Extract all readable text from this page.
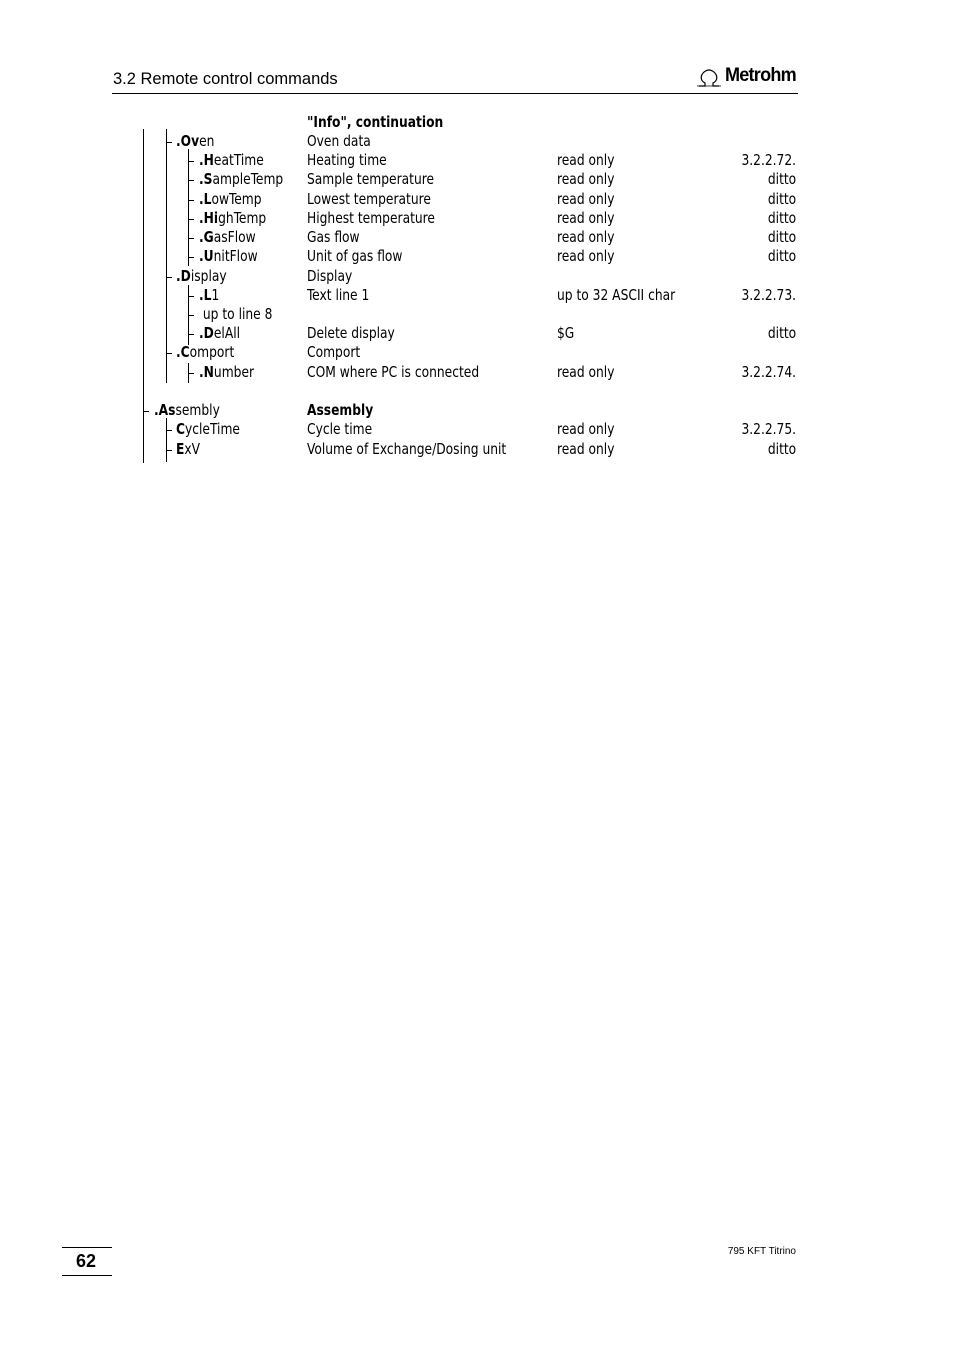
3.2 Remote control commands	Metrohm
"Info", continuation
.Oven	Oven data
.HeatTime	Heating time	read only	3.2.2.72.
.SampleTemp Sample temperature	read only	ditto
.LowTemp	Lowest temperature	read only	ditto
.HighTemp	Highest temperature	read only	ditto
.GasFlow	Gas flow	read only	ditto
.UnitFlow	Unit of gas flow	read only	ditto
.Display	Display
.L1	Text line 1	up to 32 ASCII char	3.2.2.73.
up to line 8
.DelAll	Delete display	$G	ditto
.Comport	Comport
.Number	COM where PC is connected	read only	3.2.2.74.
.Assembly	Assembly
CycleTime	Cycle time	read only	3.2.2.75.
ExV	Volume of Exchange/Dosing unit	read only	ditto
62	795 KFT Titrino
